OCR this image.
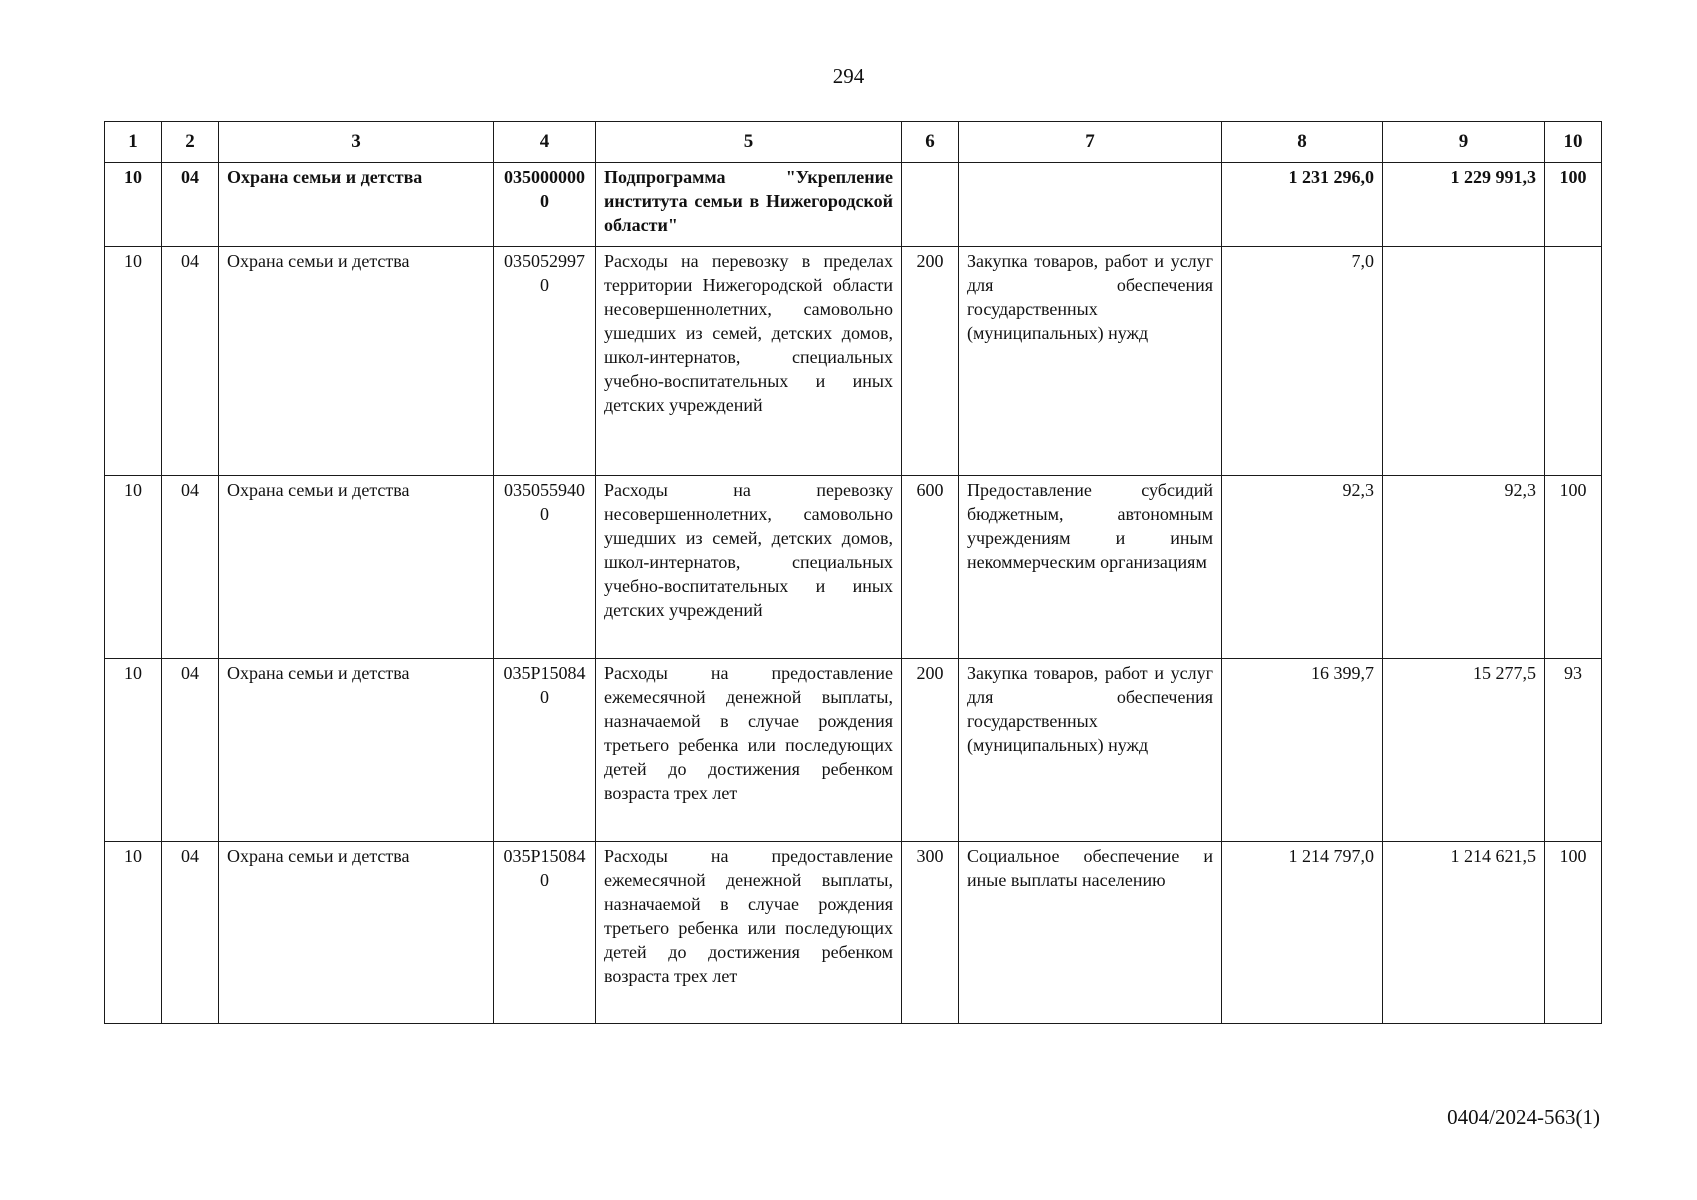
294
1	2	3	4	5	6	7	8	9	10
10	04	Охрана семьи и детства	0350000000	Подпрограмма "Укрепление института семьи в Нижегородской области"			1 231 296,0	1 229 991,3	100
10	04	Охрана семьи и детства	0350529970	Расходы на перевозку в пределах территории Нижегородской области несовершеннолетних, самовольно ушедших из семей, детских домов, школ-интернатов, специальных учебно-воспитательных и иных детских учреждений	200	Закупка товаров, работ и услуг для обеспечения государственных (муниципальных) нужд	7,0		
10	04	Охрана семьи и детства	0350559400	Расходы на перевозку несовершеннолетних, самовольно ушедших из семей, детских домов, школ-интернатов, специальных учебно-воспитательных и иных детских учреждений	600	Предоставление субсидий бюджетным, автономным учреждениям и иным некоммерческим организациям	92,3	92,3	100
10	04	Охрана семьи и детства	035P150840	Расходы на предоставление ежемесячной денежной выплаты, назначаемой в случае рождения третьего ребенка или последующих детей до достижения ребенком возраста трех лет	200	Закупка товаров, работ и услуг для обеспечения государственных (муниципальных) нужд	16 399,7	15 277,5	93
10	04	Охрана семьи и детства	035P150840	Расходы на предоставление ежемесячной денежной выплаты, назначаемой в случае рождения третьего ребенка или последующих детей до достижения ребенком возраста трех лет	300	Социальное обеспечение и иные выплаты населению	1 214 797,0	1 214 621,5	100
0404/2024-563(1)
